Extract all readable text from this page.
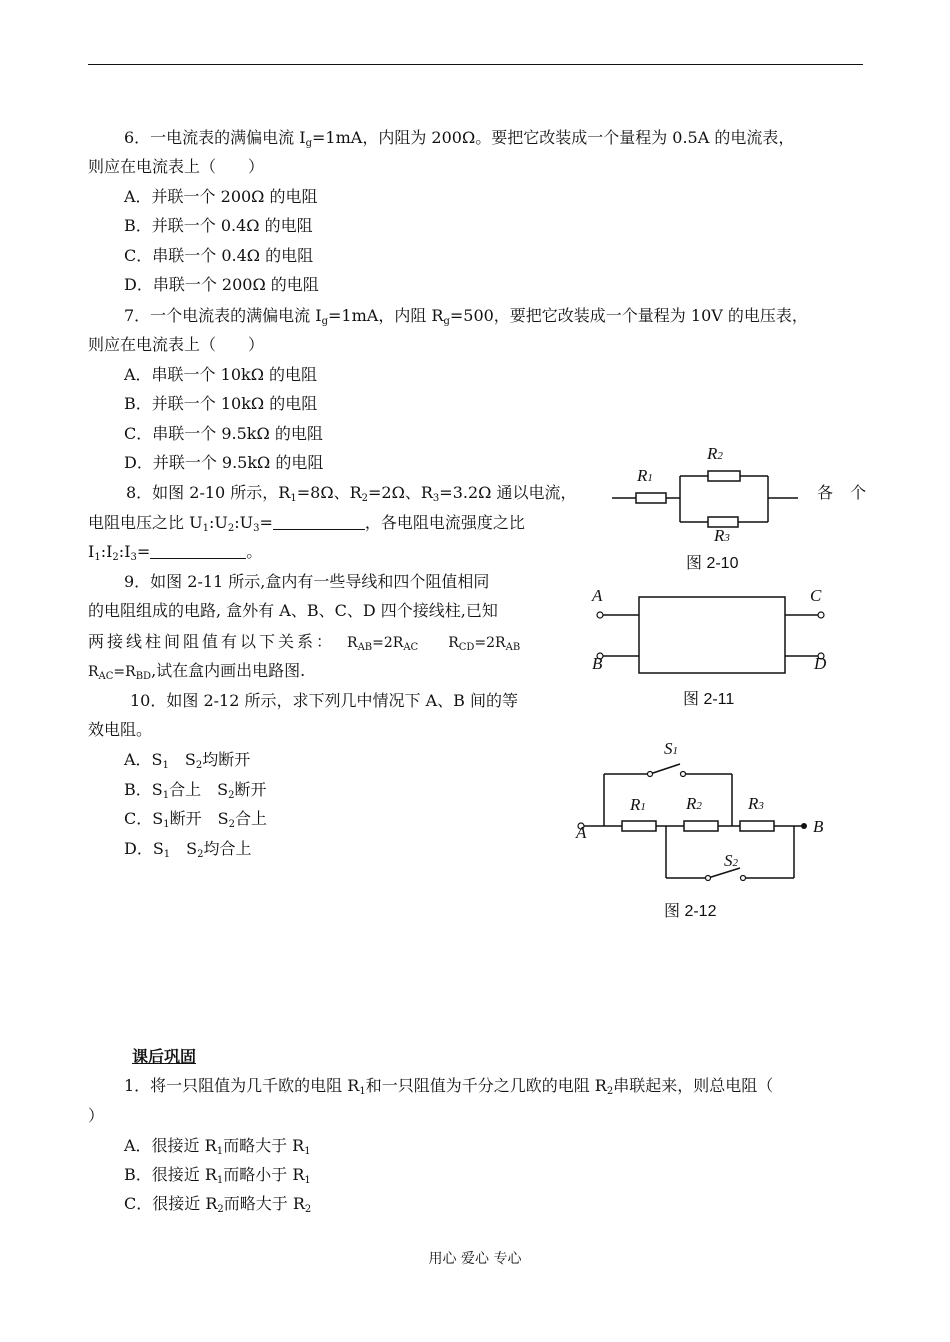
6．一电流表的满偏电流 $I_g=1mA$，内阻为 200Ω。要把它改装成一个量程为 0.5A 的电流表，
则应在电流表上（　　）
A．并联一个 200Ω 的电阻
B．并联一个 0.4Ω 的电阻
C．串联一个 0.4Ω 的电阻
D．串联一个 200Ω 的电阻
7．一个电流表的满偏电流 $I_g=1mA$，内阻 $R_g=500$，要把它改装成一个量程为 10V 的电压表，
则应在电流表上（　　）
A．串联一个 10kΩ 的电阻
B．并联一个 10kΩ 的电阻
C．串联一个 9.5kΩ 的电阻
D．并联一个 9.5kΩ 的电阻
8．如图 2-10 所示，$R_1=8\Omega$、$R_2=2\Omega$、$R_3=3.2\Omega$ 通以电流，	各 个
电阻电压之比 $U_1:U_2:U_3=$	，各电阻电流强度之比
$I_1:I_2:I_3=$	。
9．如图 2-11 所示,盒内有一些导线和四个阻值相同
的电阻组成的电路, 盒外有 A、B、C、D 四个接线柱,已知
两接线柱间阻值有以下关系： $R_{AB}=2R_{AC}$ $R_{CD}=2R_{AB}$
$R_{AC}=R_{BD}$,试在盒内画出电路图.
10．如图 2-12 所示，求下列几中情况下 A、B 间的等
效电阻。
A．$S_1$　$S_2$均断开
B．$S_1$合上　$S_2$断开
C．$S_1$断开　$S_2$合上
D．$S_1$　$S_2$均合上
R1
R2
R3
图 2-10
A
B
C
D
图 2-11
S1
S2
R1 R2	R3
A	B
图 2-12
课后巩固
1．将一只阻值为几千欧的电阻 $R_1$和一只阻值为千分之几欧的电阻 $R_2$串联起来，则总电阻（
）
A．很接近 $R_1$而略大于 $R_1$
B．很接近 $R_1$而略小于 $R_1$
C．很接近 $R_2$而略大于 $R_2$
用心 爱心 专心
